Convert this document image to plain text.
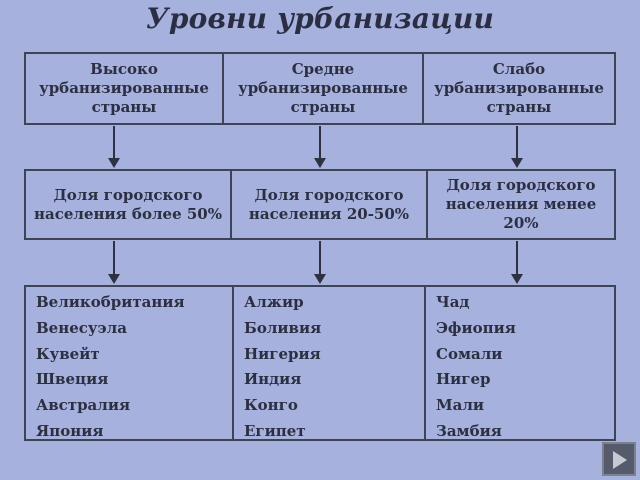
Уровни урбанизации
Высоко
урбанизированные
страны
Средне
урбанизированные
страны
Слабо
урбанизированные
страны
Доля городского
населения более 50%
Доля городского
населения 20-50%
Доля городского
населения менее 20%
Великобритания
Венесуэла
Кувейт
Швеция
Австралия
Япония
Алжир
Боливия
Нигерия
Индия
Конго
Египет
Чад
Эфиопия
Сомали
Нигер
Мали
Замбия
